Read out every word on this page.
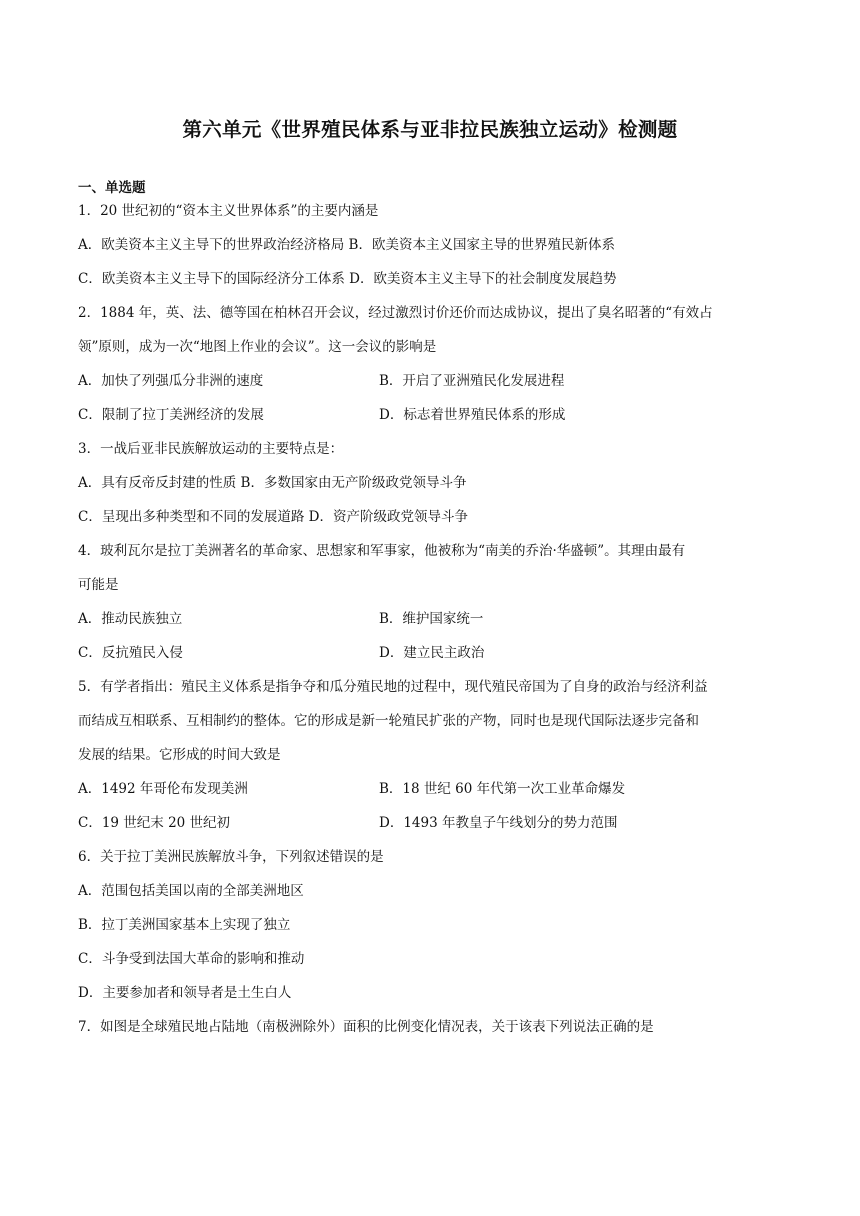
第六单元《世界殖民体系与亚非拉民族独立运动》检测题
一、单选题
1．20 世纪初的“资本主义世界体系”的主要内涵是
A．欧美资本主义主导下的世界政治经济格局 B．欧美资本主义国家主导的世界殖民新体系
C．欧美资本主义主导下的国际经济分工体系 D．欧美资本主义主导下的社会制度发展趋势
2．1884 年，英、法、德等国在柏林召开会议，经过激烈讨价还价而达成协议，提出了臭名昭著的“有效占
领”原则，成为一次“地图上作业的会议”。这一会议的影响是
A．加快了列强瓜分非洲的速度	B．开启了亚洲殖民化发展进程
C．限制了拉丁美洲经济的发展	D．标志着世界殖民体系的形成
3．一战后亚非民族解放运动的主要特点是：
A．具有反帝反封建的性质 B．多数国家由无产阶级政党领导斗争
C．呈现出多种类型和不同的发展道路 D．资产阶级政党领导斗争
4．玻利瓦尔是拉丁美洲著名的革命家、思想家和军事家，他被称为“南美的乔治·华盛顿”。其理由最有
可能是
A．推动民族独立	B．维护国家统一
C．反抗殖民入侵	D．建立民主政治
5．有学者指出：殖民主义体系是指争夺和瓜分殖民地的过程中，现代殖民帝国为了自身的政治与经济利益
而结成互相联系、互相制约的整体。它的形成是新一轮殖民扩张的产物，同时也是现代国际法逐步完备和
发展的结果。它形成的时间大致是
A．1492 年哥伦布发现美洲	B．18 世纪 60 年代第一次工业革命爆发
C．19 世纪末 20 世纪初	D．1493 年教皇子午线划分的势力范围
6．关于拉丁美洲民族解放斗争，下列叙述错误的是
A．范围包括美国以南的全部美洲地区
B．拉丁美洲国家基本上实现了独立
C．斗争受到法国大革命的影响和推动
D．主要参加者和领导者是土生白人
7．如图是全球殖民地占陆地（南极洲除外）面积的比例变化情况表，关于该表下列说法正确的是
